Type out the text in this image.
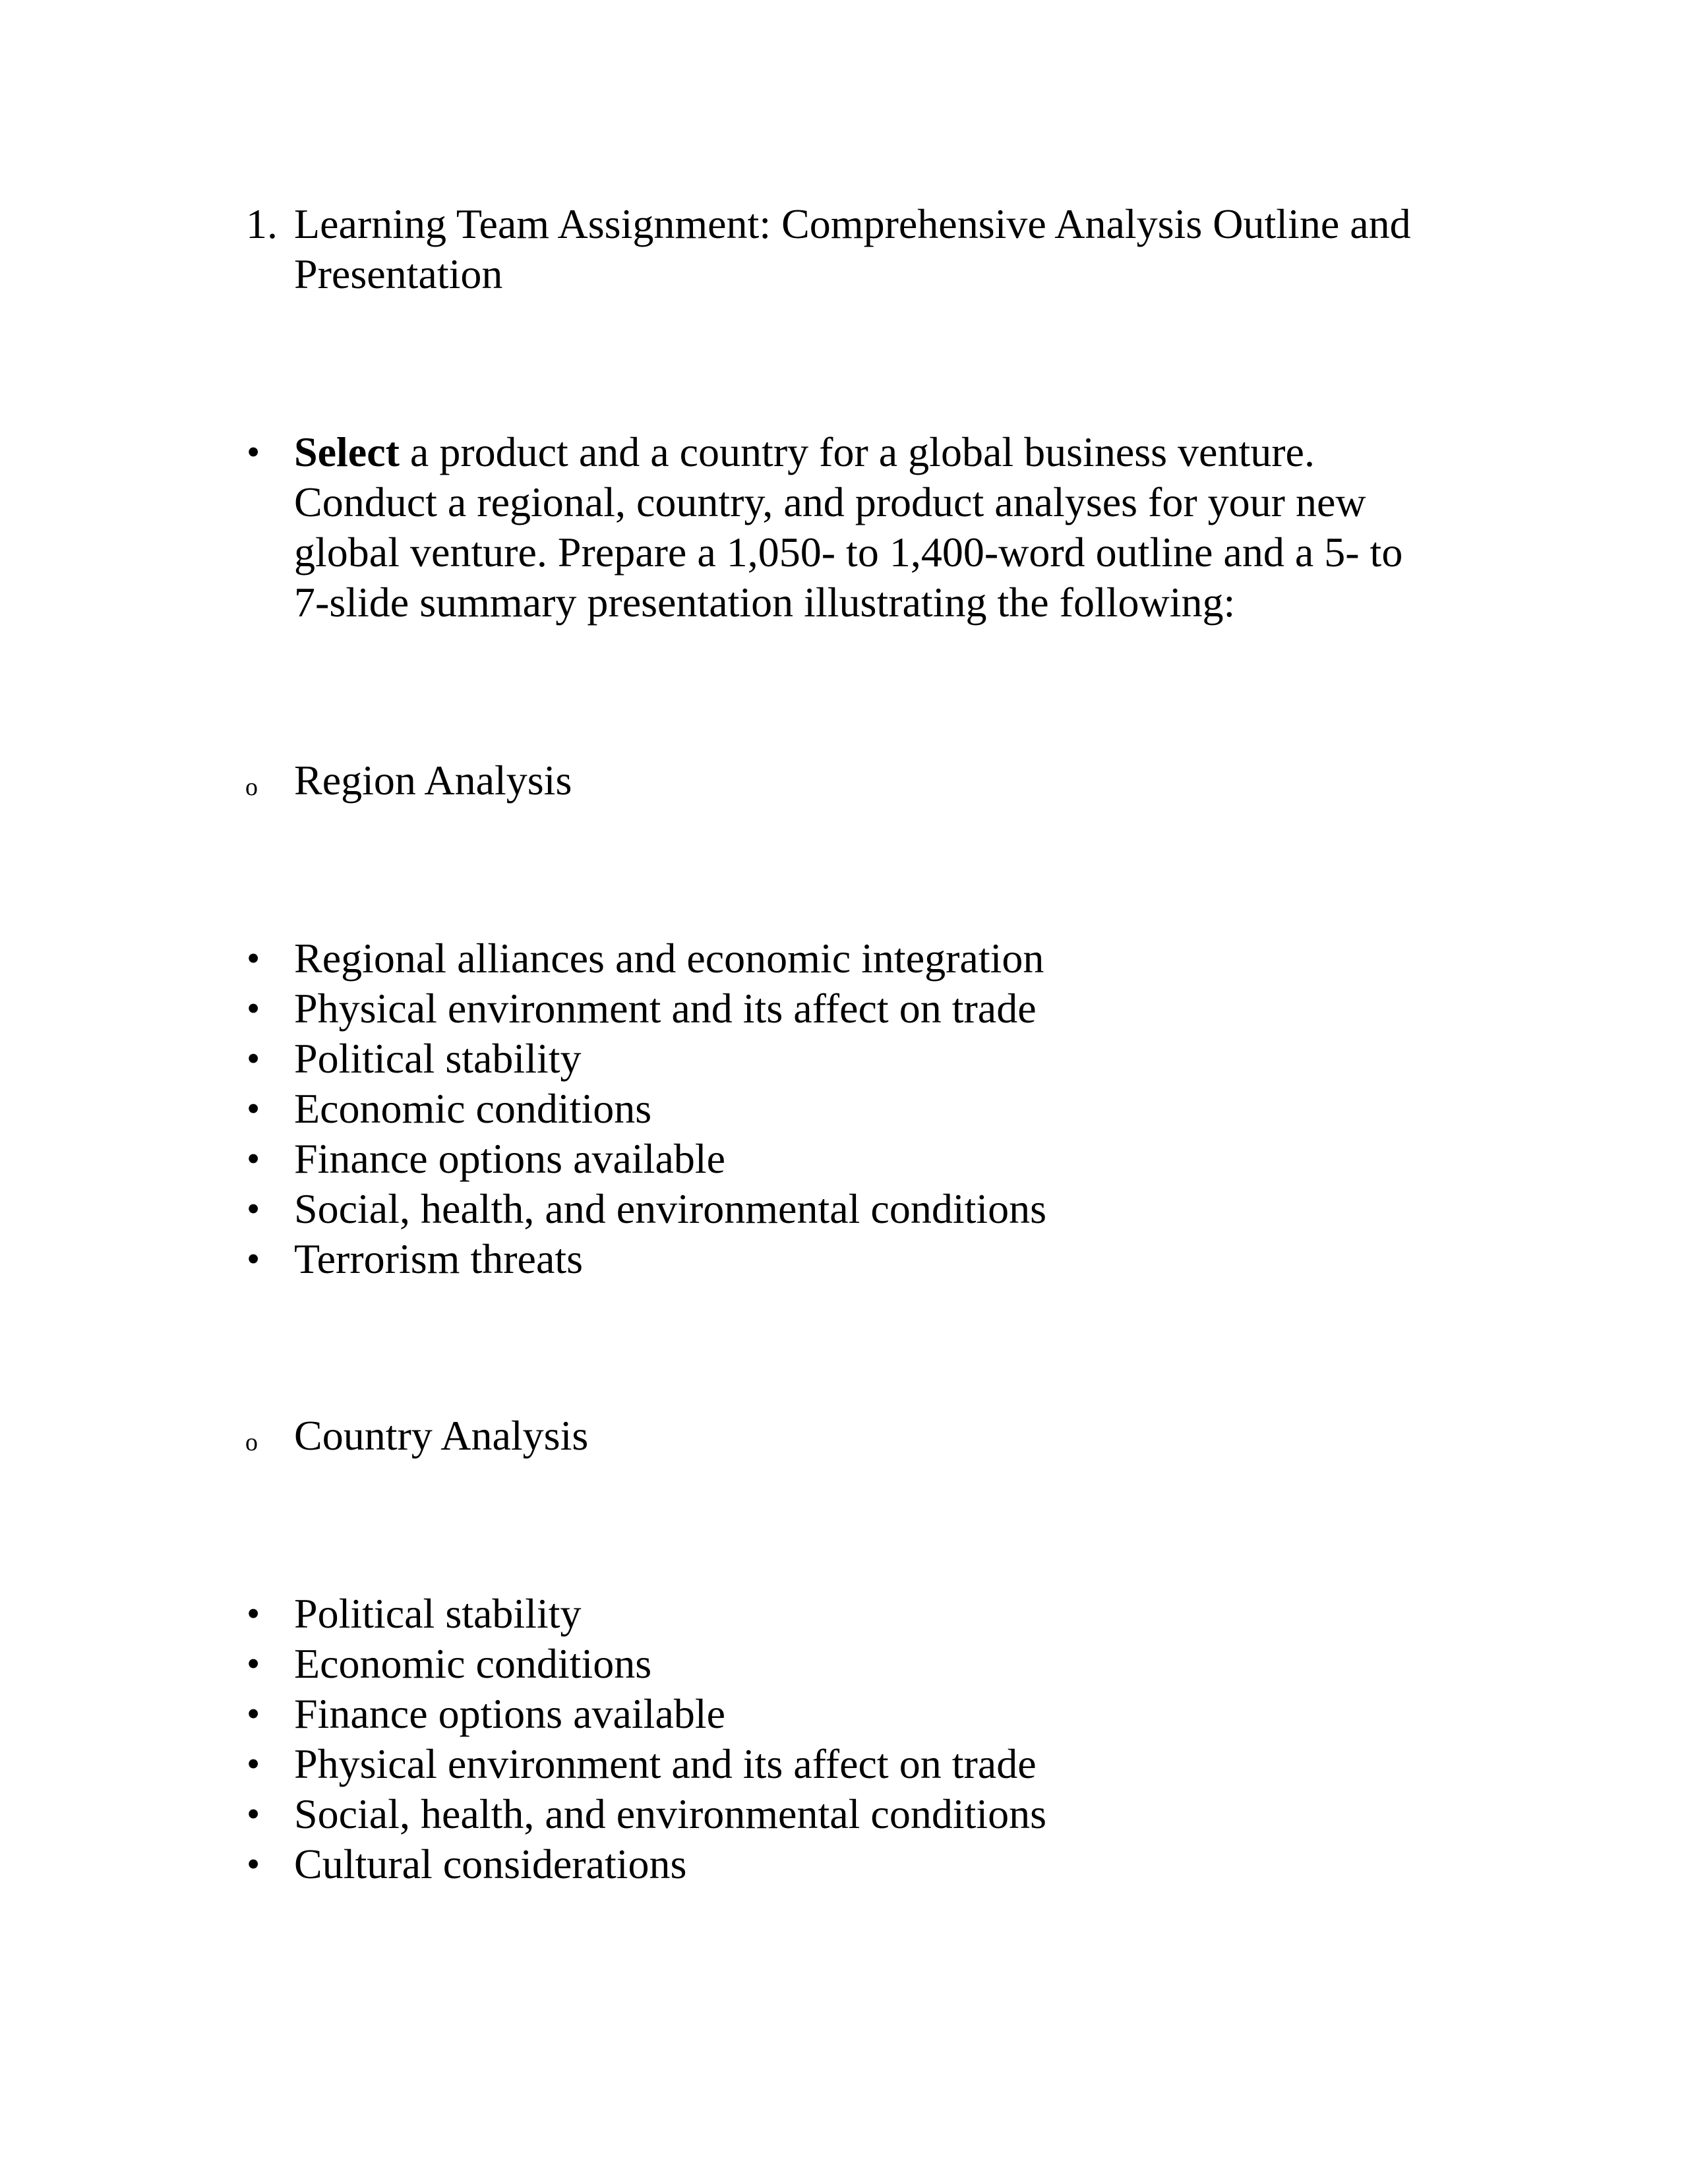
1. Learning Team Assignment: Comprehensive Analysis Outline and
Presentation
• Select a product and a country for a global business venture.
Conduct a regional, country, and product analyses for your new
global venture. Prepare a 1,050- to 1,400-word outline and a 5- to
7-slide summary presentation illustrating the following:
o Region Analysis
• Regional alliances and economic integration
• Physical environment and its affect on trade
• Political stability
• Economic conditions
• Finance options available
• Social, health, and environmental conditions
• Terrorism threats
o Country Analysis
• Political stability
• Economic conditions
• Finance options available
• Physical environment and its affect on trade
• Social, health, and environmental conditions
• Cultural considerations
